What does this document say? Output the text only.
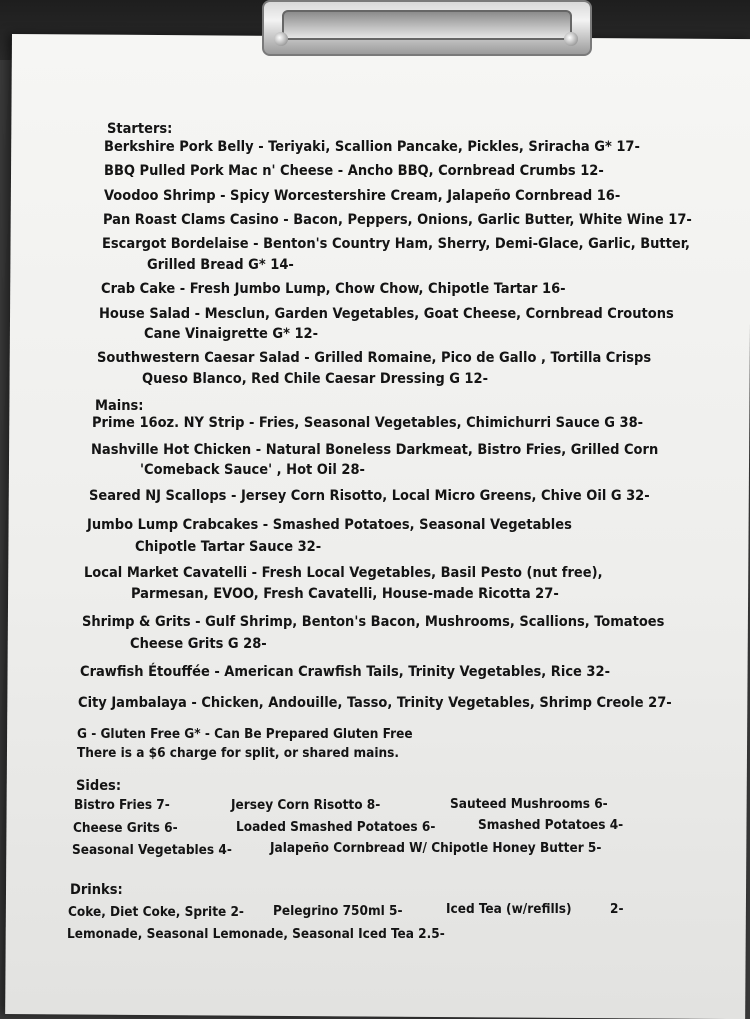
Starters:
Berkshire Pork Belly - Teriyaki, Scallion Pancake, Pickles, Sriracha G* 17-
BBQ Pulled Pork Mac n' Cheese - Ancho BBQ, Cornbread Crumbs 12-
Voodoo Shrimp - Spicy Worcestershire Cream, Jalapeño Cornbread 16-
Pan Roast Clams Casino - Bacon, Peppers, Onions, Garlic Butter, White Wine 17-
Escargot Bordelaise - Benton's Country Ham, Sherry, Demi-Glace, Garlic, Butter,
Grilled Bread G* 14-
Crab Cake - Fresh Jumbo Lump, Chow Chow, Chipotle Tartar 16-
House Salad - Mesclun, Garden Vegetables, Goat Cheese, Cornbread Croutons
Cane Vinaigrette G* 12-
Southwestern Caesar Salad - Grilled Romaine, Pico de Gallo , Tortilla Crisps
Queso Blanco, Red Chile Caesar Dressing G 12-
Mains:
Prime 16oz. NY Strip - Fries, Seasonal Vegetables, Chimichurri Sauce G 38-
Nashville Hot Chicken - Natural Boneless Darkmeat, Bistro Fries, Grilled Corn
'Comeback Sauce' , Hot Oil 28-
Seared NJ Scallops - Jersey Corn Risotto, Local Micro Greens, Chive Oil G 32-
Jumbo Lump Crabcakes - Smashed Potatoes, Seasonal Vegetables
Chipotle Tartar Sauce 32-
Local Market Cavatelli - Fresh Local Vegetables, Basil Pesto (nut free),
Parmesan, EVOO, Fresh Cavatelli, House-made Ricotta 27-
Shrimp & Grits - Gulf Shrimp, Benton's Bacon, Mushrooms, Scallions, Tomatoes
Cheese Grits G 28-
Crawfish Étouffée - American Crawfish Tails, Trinity Vegetables, Rice 32-
City Jambalaya - Chicken, Andouille, Tasso, Trinity Vegetables, Shrimp Creole 27-
G - Gluten Free G* - Can Be Prepared Gluten Free
There is a $6 charge for split, or shared mains.
Sides:
Bistro Fries 7-	Jersey Corn Risotto 8-	Sauteed Mushrooms 6-
Cheese Grits 6-	Loaded Smashed Potatoes 6-	Smashed Potatoes 4-
Seasonal Vegetables 4-	Jalapeño Cornbread W/ Chipotle Honey Butter 5-
Drinks:
Coke, Diet Coke, Sprite 2- Pelegrino 750ml 5-	Iced Tea (w/refills)	2-
Lemonade, Seasonal Lemonade, Seasonal Iced Tea 2.5-
